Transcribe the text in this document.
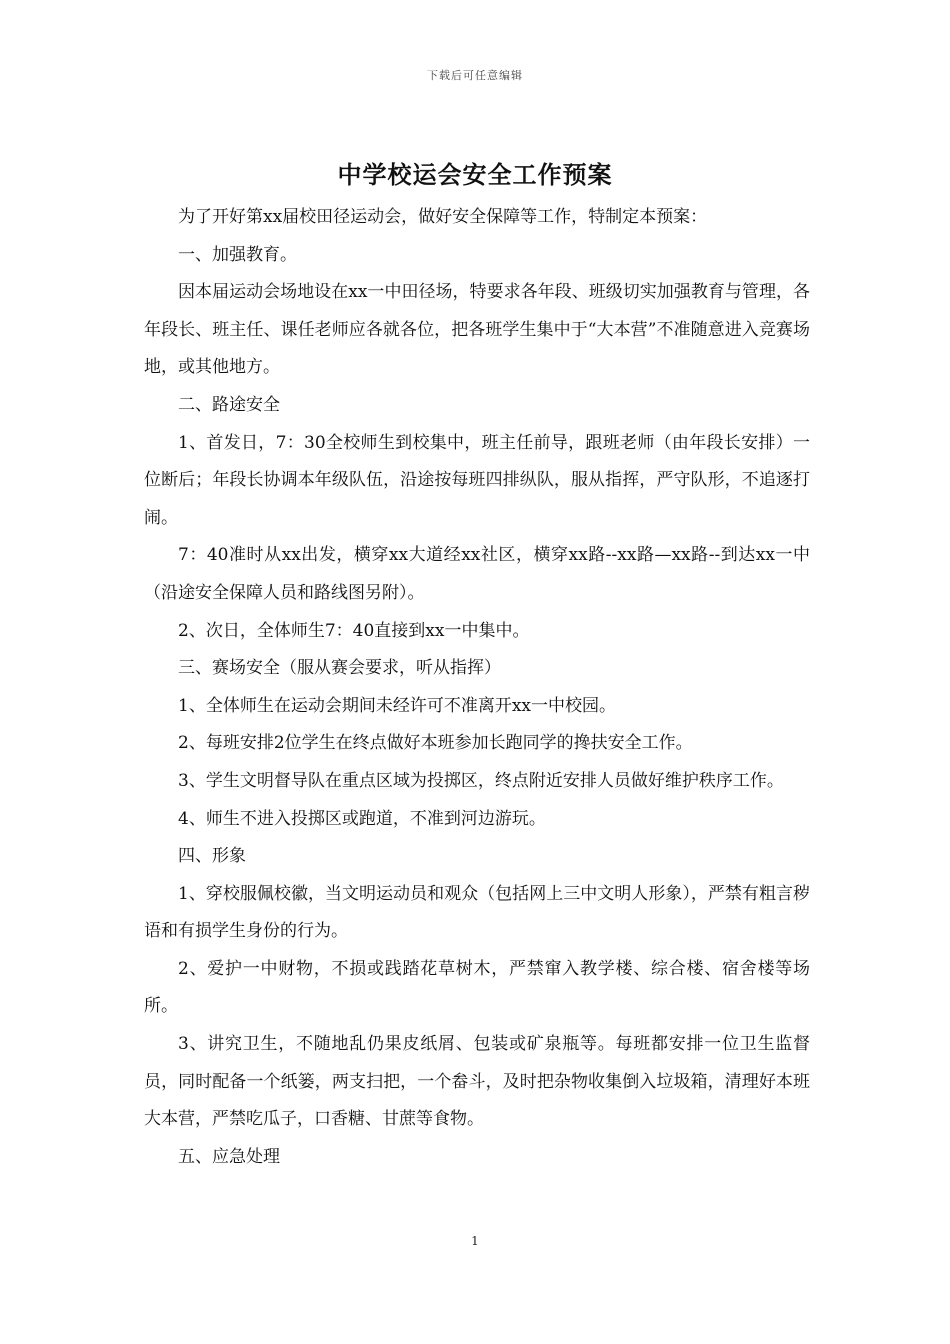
下载后可任意编辑
中学校运会安全工作预案

为了开好第xx届校田径运动会，做好安全保障等工作，特制定本预案：

一、加强教育。

因本届运动会场地设在xx一中田径场，特要求各年段、班级切实加强教育与管理，各年段长、班主任、课任老师应各就各位，把各班学生集中于“大本营”不准随意进入竞赛场地，或其他地方。

二、路途安全

1、首发日，7：30全校师生到校集中，班主任前导，跟班老师（由年段长安排）一位断后；年段长协调本年级队伍，沿途按每班四排纵队，服从指挥，严守队形，不追逐打闹。

7：40准时从xx出发，横穿xx大道经xx社区，横穿xx路--xx路—xx路--到达xx一中（沿途安全保障人员和路线图另附）。

2、次日，全体师生7：40直接到xx一中集中。

三、赛场安全（服从赛会要求，听从指挥）

1、全体师生在运动会期间未经许可不准离开xx一中校园。

2、每班安排2位学生在终点做好本班参加长跑同学的搀扶安全工作。

3、学生文明督导队在重点区域为投掷区，终点附近安排人员做好维护秩序工作。

4、师生不进入投掷区或跑道，不准到河边游玩。

四、形象

1、穿校服佩校徽，当文明运动员和观众（包括网上三中文明人形象），严禁有粗言秽语和有损学生身份的行为。

2、爱护一中财物，不损或践踏花草树木，严禁窜入教学楼、综合楼、宿舍楼等场所。

3、讲究卫生，不随地乱仍果皮纸屑、包装或矿泉瓶等。每班都安排一位卫生监督员，同时配备一个纸篓，两支扫把，一个畚斗，及时把杂物收集倒入垃圾箱，清理好本班大本营，严禁吃瓜子，口香糖、甘蔗等食物。

五、应急处理

1
